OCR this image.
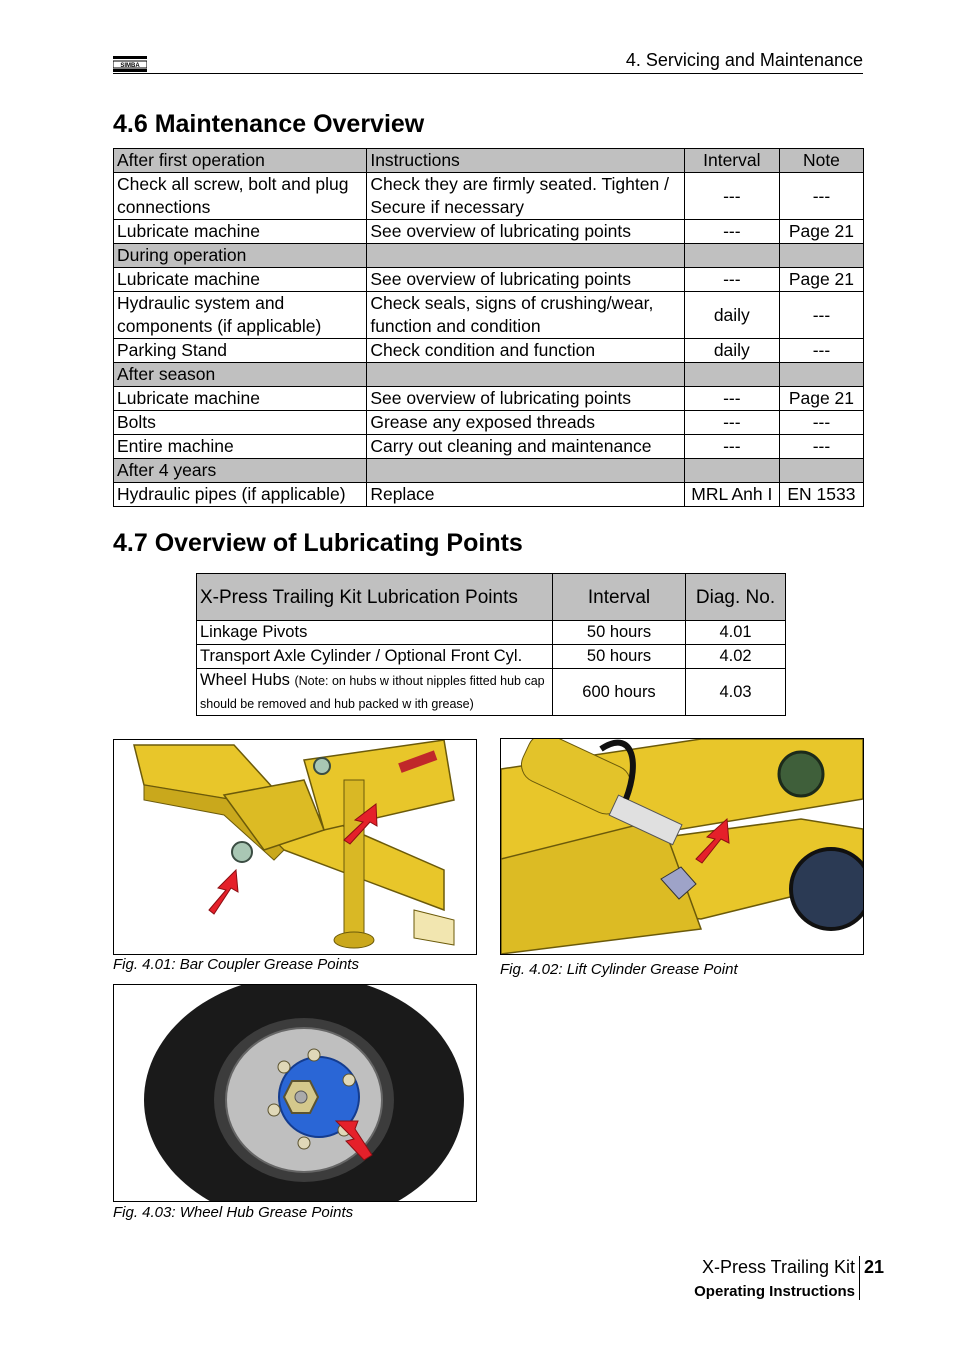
SIMBA	4. Servicing and Maintenance
4.6 Maintenance Overview
After first operation	Instructions	Interval	Note
Check all screw, bolt and plug connections	Check they are firmly seated. Tighten / Secure if necessary	---	---
Lubricate machine	See overview of lubricating points	---	Page 21
During operation			
Lubricate machine	See overview of lubricating points	---	Page 21
Hydraulic system and components (if applicable)	Check seals, signs of crushing/wear, function and condition	daily	---
Parking Stand	Check condition and function	daily	---
After season			
Lubricate machine	See overview of lubricating points	---	Page 21
Bolts	Grease any exposed threads	---	---
Entire machine	Carry out cleaning and maintenance	---	---
After 4 years			
Hydraulic pipes (if applicable)	Replace	MRL Anh I	EN 1533
4.7 Overview of Lubricating Points
X-Press Trailing Kit Lubrication Points	Interval	Diag. No.
Linkage Pivots	50 hours	4.01
Transport Axle Cylinder / Optional Front Cyl.	50 hours	4.02
Wheel Hubs (Note: on hubs w ithout nipples fitted hub cap should be removed and hub packed w ith grease)	600 hours	4.03
Fig. 4.01: Bar Coupler Grease Points	Fig. 4.02: Lift Cylinder Grease Point
Fig. 4.03: Wheel Hub Grease Points
X-Press Trailing Kit
Operating Instructions
21
